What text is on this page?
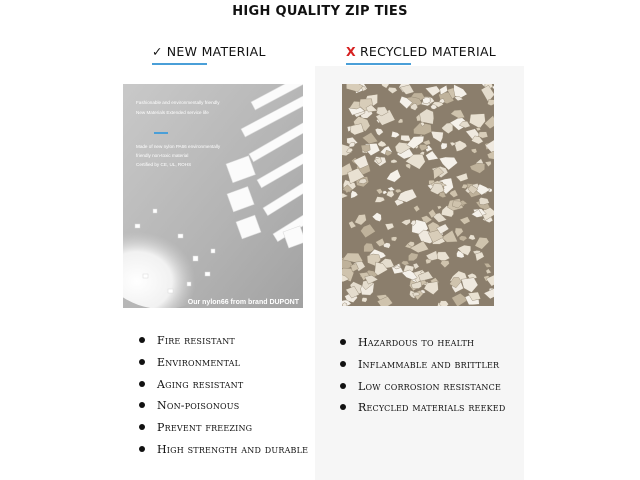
HIGH QUALITY ZIP TIES
✓ NEW MATERIAL	X RECYCLED MATERIAL
Fashionable and environmentally friendly
New Materials Extended service life
Made of new nylon PA66 environmentally
friendly non-toxic material
Certified by CE, UL, ROHS
Our nylon66 from brand DUPONT
Fire resistant
Environmental
Aging resistant
Non-poisonous
Prevent freezing
High strength and durable
Hazardous to health
Inflammable and brittler
Low corrosion resistance
Recycled materials reeked
